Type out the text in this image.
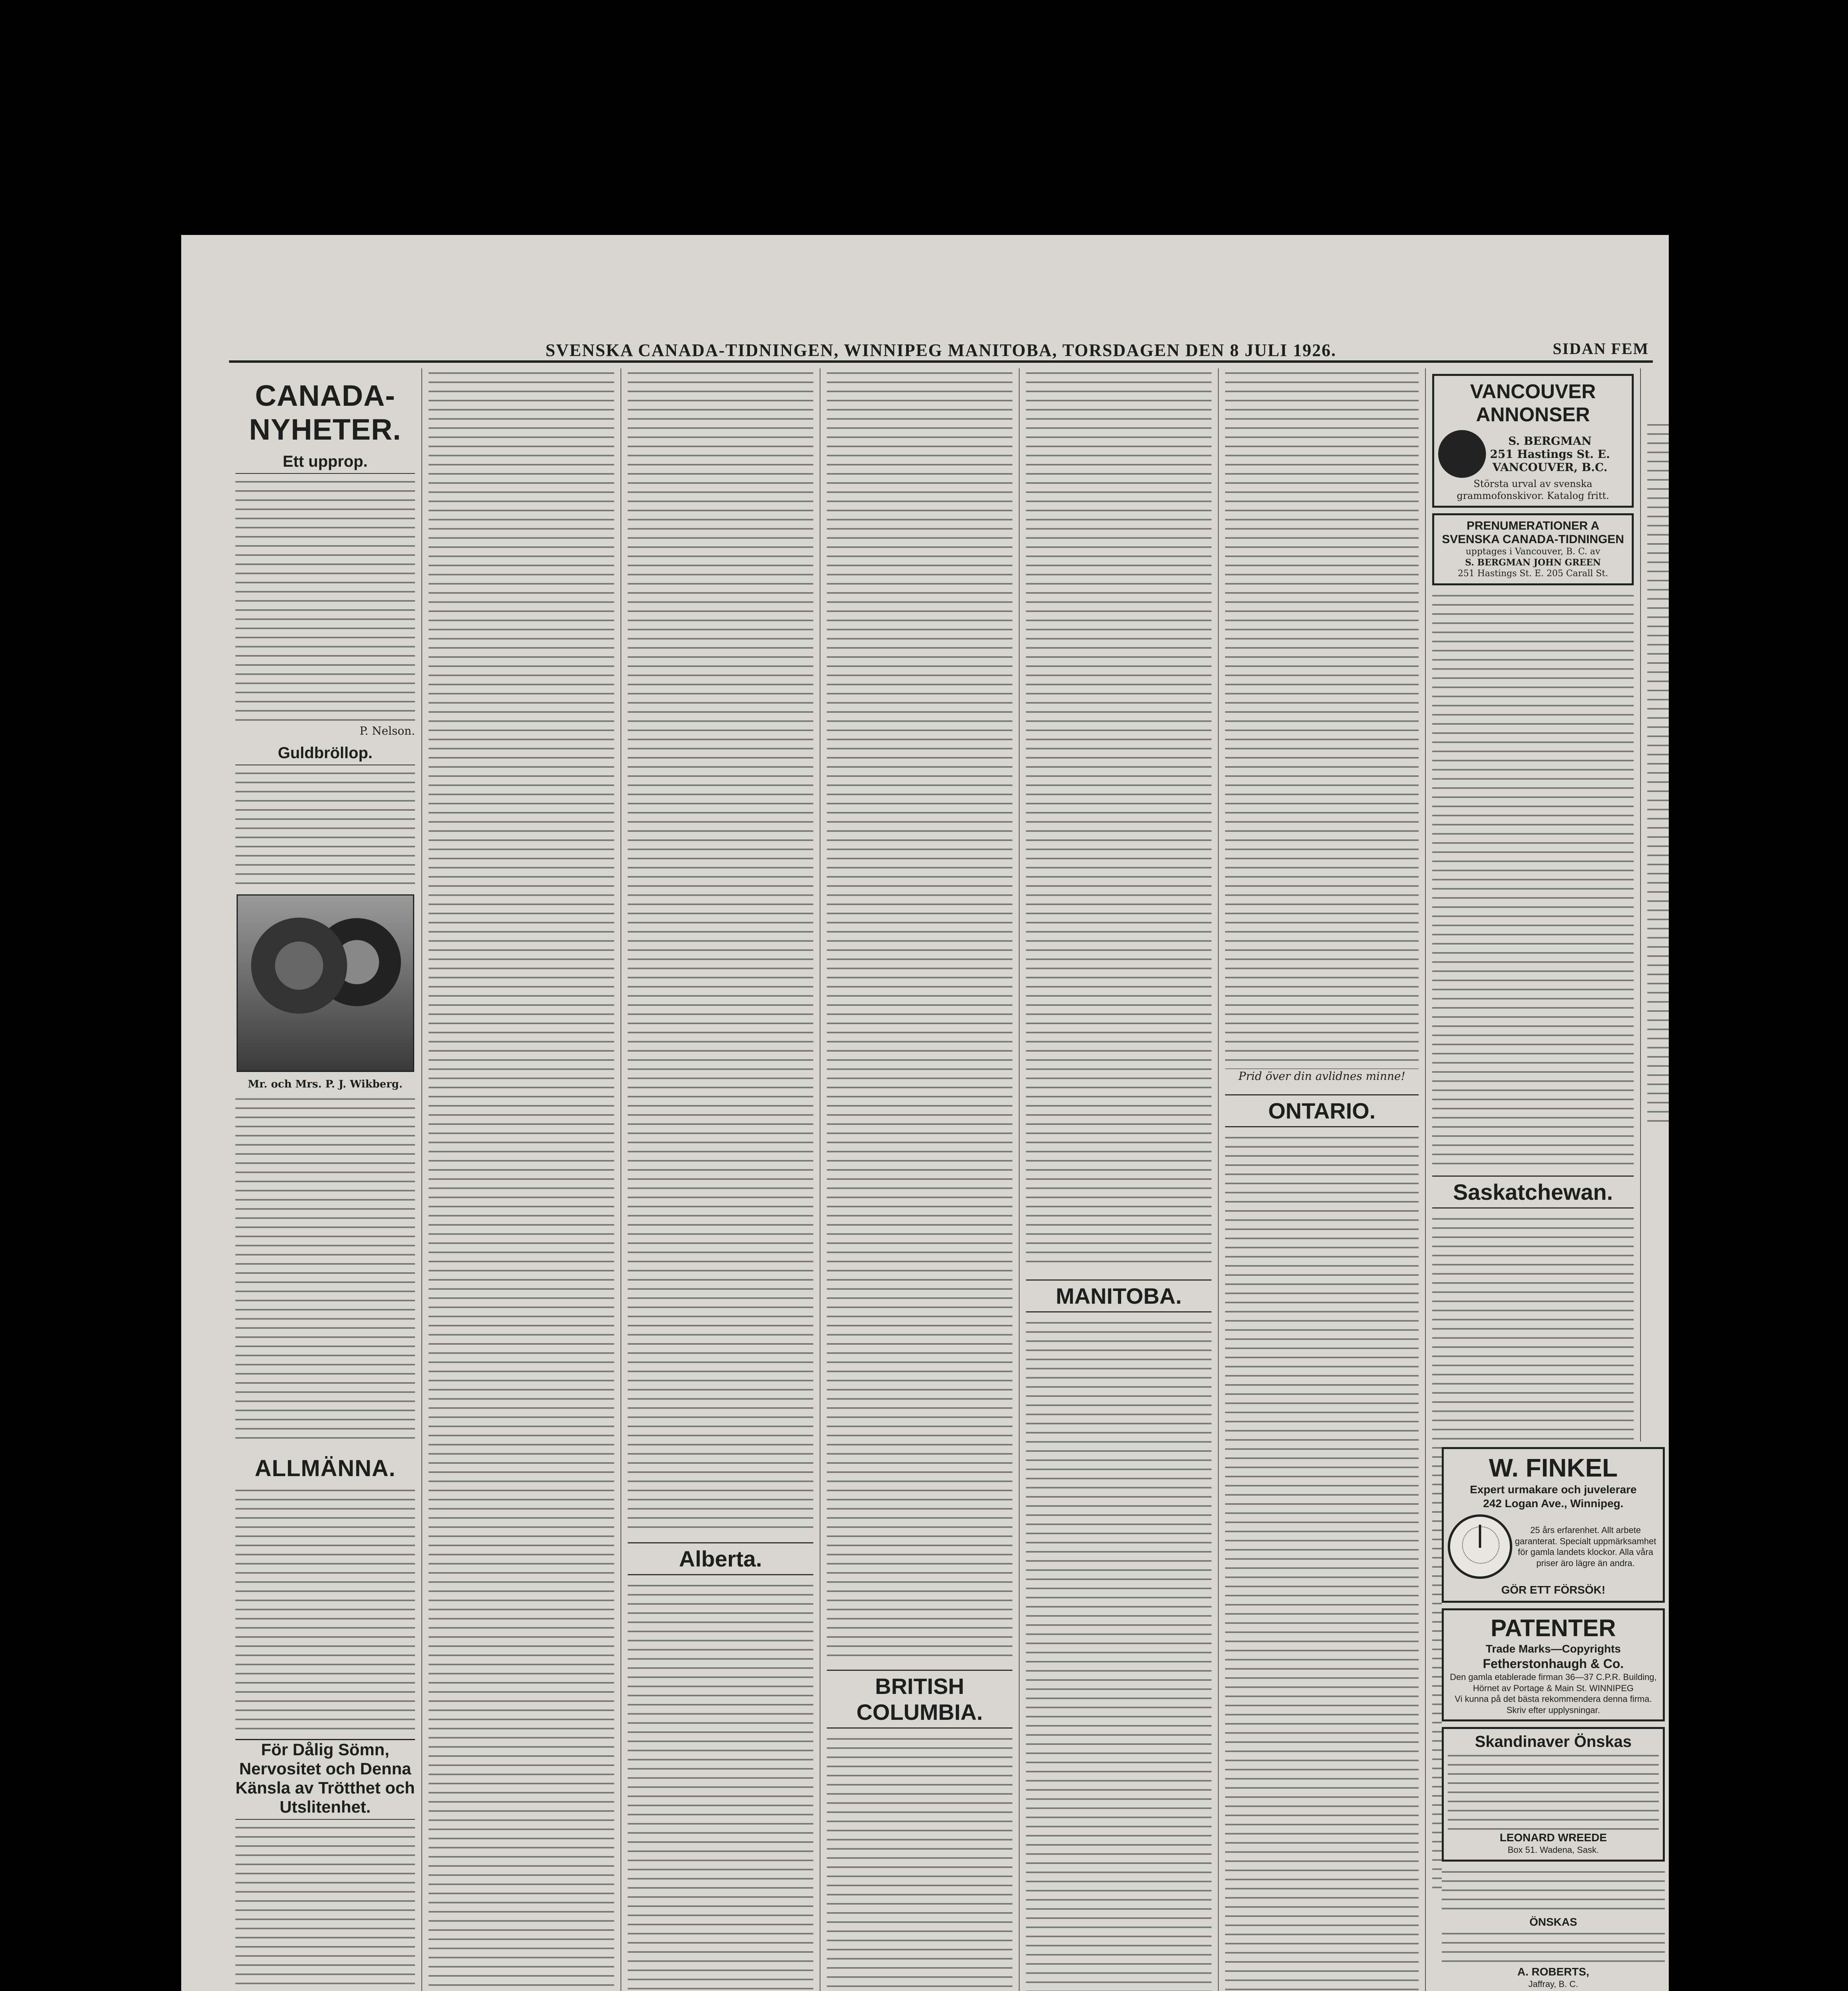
SVENSKA CANADA-TIDNINGEN, WINNIPEG MANITOBA, TORSDAGEN DEN 8 JULI 1926.	SIDAN FEM
CANADA-NYHETER.
Ett upprop.
P. Nelson.
Guldbröllop.
Mr. och Mrs. P. J. Wikberg.
ALLMÄNNA.
För Dålig Sömn, Nervositet och Denna Känsla av Trötthet och Utslitenhet.
Alberta.
BRITISH COLUMBIA.
MANITOBA.
Prid över din avlidnes minne!
ONTARIO.
VANCOUVER ANNONSER
S. BERGMAN
251 Hastings St. E.
VANCOUVER, B.C.
Största urval av svenska grammofonskivor. Katalog fritt.
PRENUMERATIONER A SVENSKA CANADA-TIDNINGEN
upptages i Vancouver, B. C. av
S. BERGMAN JOHN GREEN
251 Hastings St. E. 205 Carall St.
Saskatchewan.
W. FINKEL
Expert urmakare och juvelerare
242 Logan Ave., Winnipeg.
25 års erfarenhet. Allt arbete garanterat. Specialt uppmärksamhet för gamla landets klockor. Alla våra priser äro lägre än andra.
GÖR ETT FÖRSÖK!
PATENTER
Trade Marks—Copyrights
Fetherstonhaugh & Co.
Den gamla etablerade firman 36—37 C.P.R. Building, Hörnet av Portage & Main St. WINNIPEG
Vi kunna på det bästa rekommendera denna firma. Skriv efter upplysningar.
Skandinaver Önskas
LEONARD WREEDE
Box 51. Wadena, Sask.
ÖNSKAS
A. ROBERTS,
Jaffray, B. C.
